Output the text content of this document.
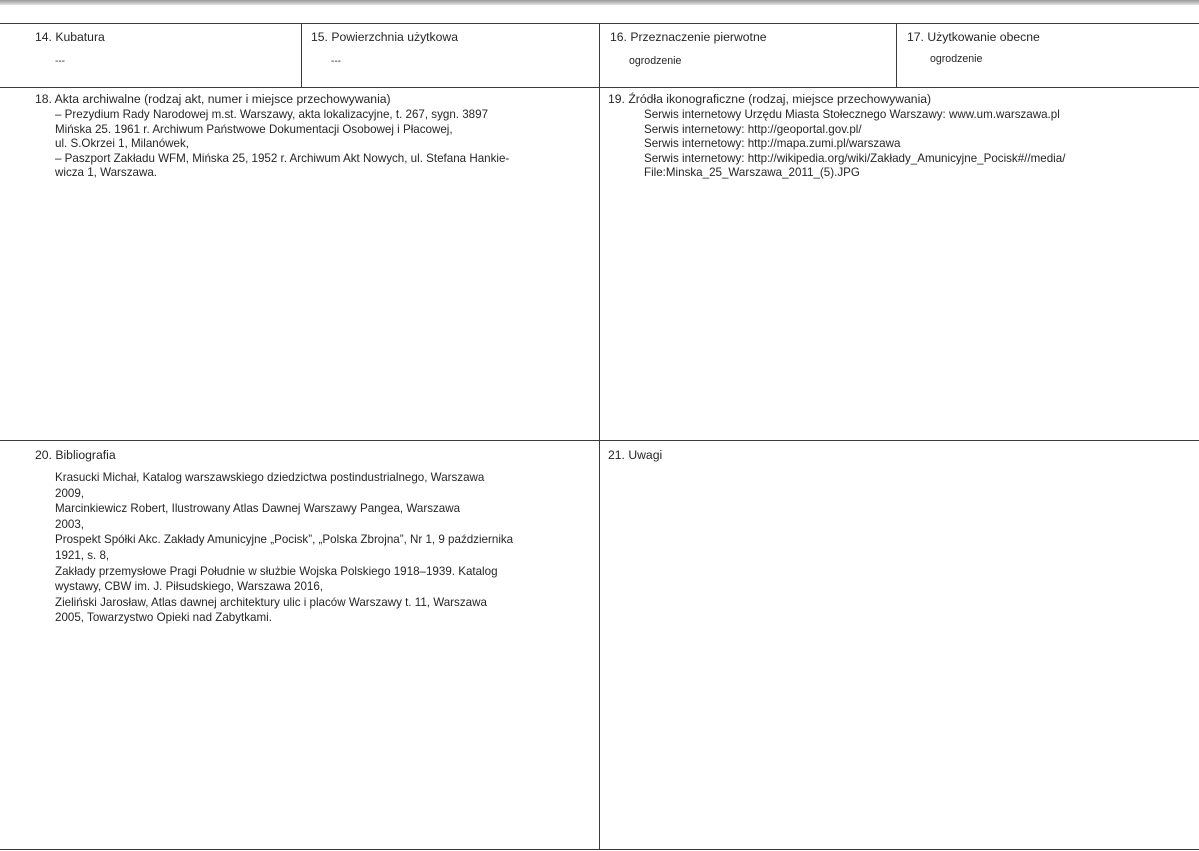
14. Kubatura
---
15. Powierzchnia użytkowa
---
16. Przeznaczenie pierwotne
ogrodzenie
17. Użytkowanie obecne
ogrodzenie
18. Akta archiwalne (rodzaj akt, numer i miejsce przechowywania)
– Prezydium Rady Narodowej m.st. Warszawy, akta lokalizacyjne, t. 267, sygn. 3897
Mińska 25. 1961 r. Archiwum Państwowe Dokumentacji Osobowej i Płacowej,
ul. S.Okrzei 1, Milanówek,
– Paszport Zakładu WFM, Mińska 25, 1952 r. Archiwum Akt Nowych, ul. Stefana Hankie-
wicza 1, Warszawa.
19. Źródła ikonograficzne (rodzaj, miejsce przechowywania)
Serwis internetowy Urzędu Miasta Stołecznego Warszawy: www.um.warszawa.pl
Serwis internetowy: http://geoportal.gov.pl/
Serwis internetowy: http://mapa.zumi.pl/warszawa
Serwis internetowy: http://wikipedia.org/wiki/Zakłady_Amunicyjne_Pocisk#//media/
File:Minska_25_Warszawa_2011_(5).JPG
20. Bibliografia
Krasucki Michał, Katalog warszawskiego dziedzictwa postindustrialnego, Warszawa
2009,
Marcinkiewicz Robert, Ilustrowany Atlas Dawnej Warszawy Pangea, Warszawa
2003,
Prospekt Spółki Akc. Zakłady Amunicyjne „Pocisk”, „Polska Zbrojna”, Nr 1, 9 października
1921, s. 8,
Zakłady przemysłowe Pragi Południe w służbie Wojska Polskiego 1918–1939. Katalog
wystawy, CBW im. J. Piłsudskiego, Warszawa 2016,
Zieliński Jarosław, Atlas dawnej architektury ulic i placów Warszawy t. 11, Warszawa
2005, Towarzystwo Opieki nad Zabytkami.
21. Uwagi
